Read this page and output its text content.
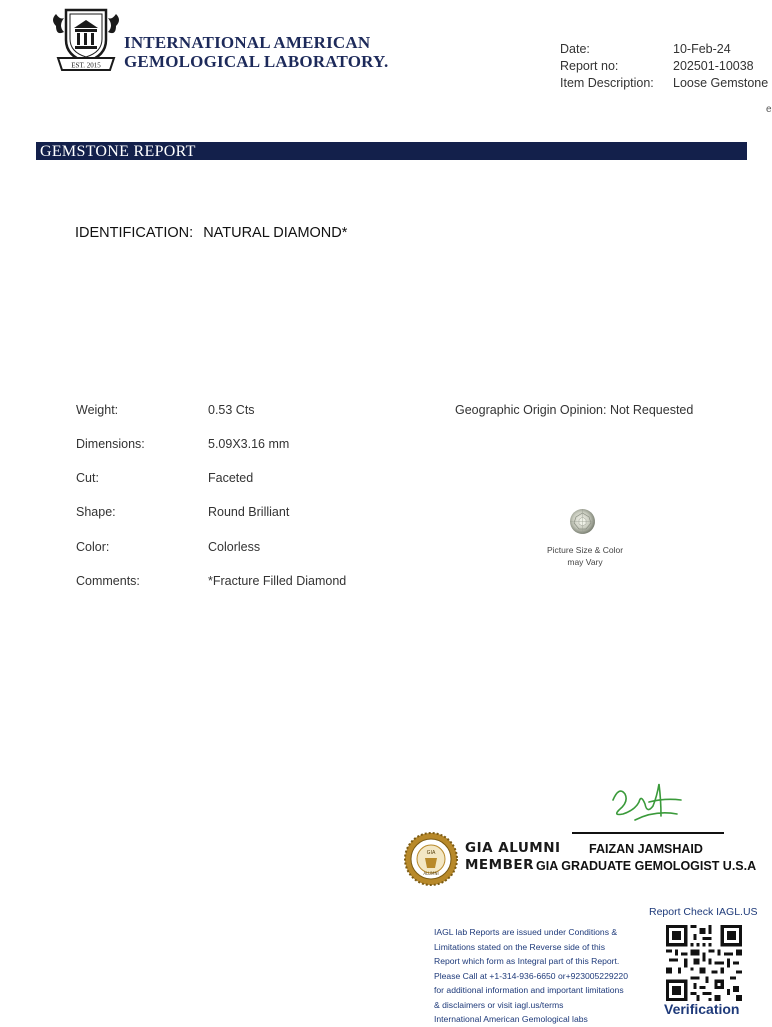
EST. 2015
INTERNATIONAL AMERICAN
GEMOLOGICAL LABORATORY.
Date:	10-Feb-24
Report no:	202501-10038
Item Description:	Loose Gemstone
e
GEMSTONE REPORT
IDENTIFICATION: NATURAL DIAMOND*
Weight:	0.53 Cts
Dimensions:	5.09X3.16 mm
Cut:	Faceted
Shape:	Round Brilliant
Color:	Colorless
Comments:	*Fracture Filled Diamond
Geographic Origin Opinion: Not Requested
Picture Size & Color
may Vary
FAIZAN JAMSHAID
GIA GRADUATE GEMOLOGIST U.S.A
GIA
ALUMNI
GIA ALUMNI
MEMBER
IAGL lab Reports are issued under Conditions &
Limitations stated on the Reverse side of this
Report which form as Integral part of this Report.
Please Call at +1-314-936-6650 or+923005229220
for additional information and important limitations
& disclaimers or visit iagl.us/terms
International American Gemological labs
Report Check IAGL.US
Verification
